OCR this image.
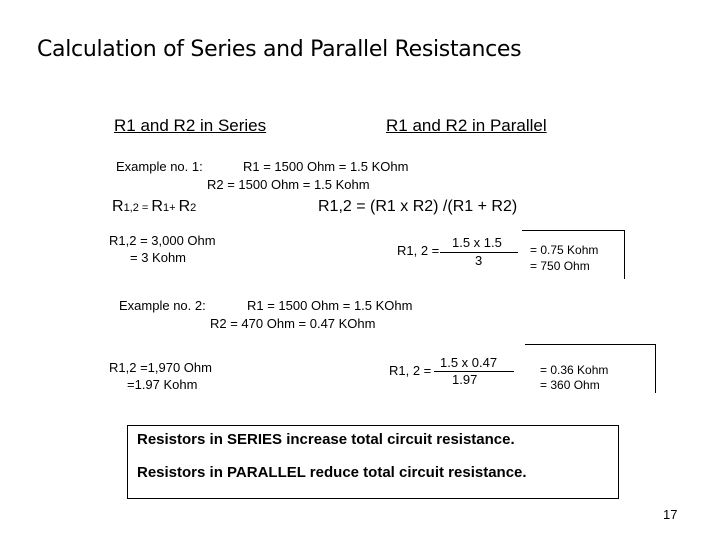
Calculation of Series and Parallel Resistances
R1 and R2 in Series	R1 and R2 in Parallel
Example no. 1:	R1 = 1500 Ohm = 1.5 KOhm
R2 = 1500 Ohm = 1.5 Kohm
R1,2 = R1+ R2	R1,2 = (R1 x R2) /(R1 + R2)
R1,2 = 3,000 Ohm
= 3 Kohm	R1, 2 =
1.5 x 1.5
3
= 0.75 Kohm
= 750 Ohm
Example no. 2:	R1 = 1500 Ohm = 1.5 KOhm
R2 = 470 Ohm = 0.47 KOhm
R1,2 =1,970 Ohm
=1.97 Kohm
R1, 2 =
1.5 x 0.47
1.97
= 0.36 Kohm
= 360 Ohm
Resistors in SERIES increase total circuit resistance.
Resistors in PARALLEL reduce total circuit resistance.
17
